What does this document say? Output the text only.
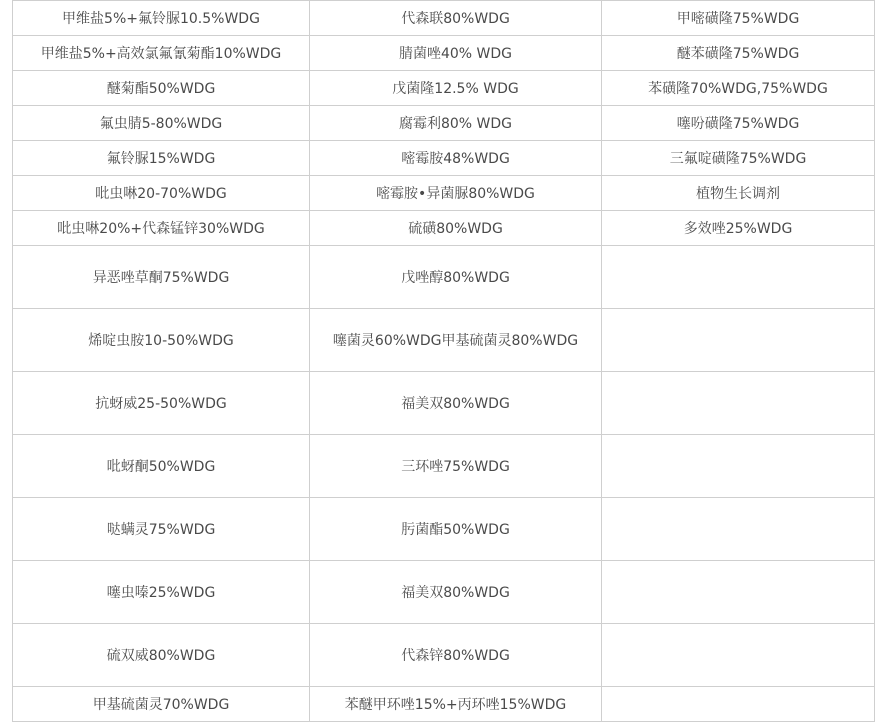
甲维盐5%+氟铃脲10.5%WDG	代森联80%WDG	甲嘧磺隆75%WDG
甲维盐5%+高效氯氟氰菊酯10%WDG	腈菌唑40% WDG	醚苯磺隆75%WDG
醚菊酯50%WDG	戊菌隆12.5% WDG	苯磺隆70%WDG,75%WDG
氟虫腈5-80%WDG	腐霉利80% WDG	噻吩磺隆75%WDG
氟铃脲15%WDG	嘧霉胺48%WDG	三氟啶磺隆75%WDG
吡虫啉20-70%WDG	嘧霉胺•异菌脲80%WDG	植物生长调剂
吡虫啉20%+代森锰锌30%WDG	硫磺80%WDG	多效唑25%WDG
异恶唑草酮75%WDG	戊唑醇80%WDG	
烯啶虫胺10-50%WDG	噻菌灵60%WDG甲基硫菌灵80%WDG	
抗蚜威25-50%WDG	福美双80%WDG	
吡蚜酮50%WDG	三环唑75%WDG	
哒螨灵75%WDG	肟菌酯50%WDG	
噻虫嗪25%WDG	福美双80%WDG	
硫双威80%WDG	代森锌80%WDG	
甲基硫菌灵70%WDG	苯醚甲环唑15%+丙环唑15%WDG	
